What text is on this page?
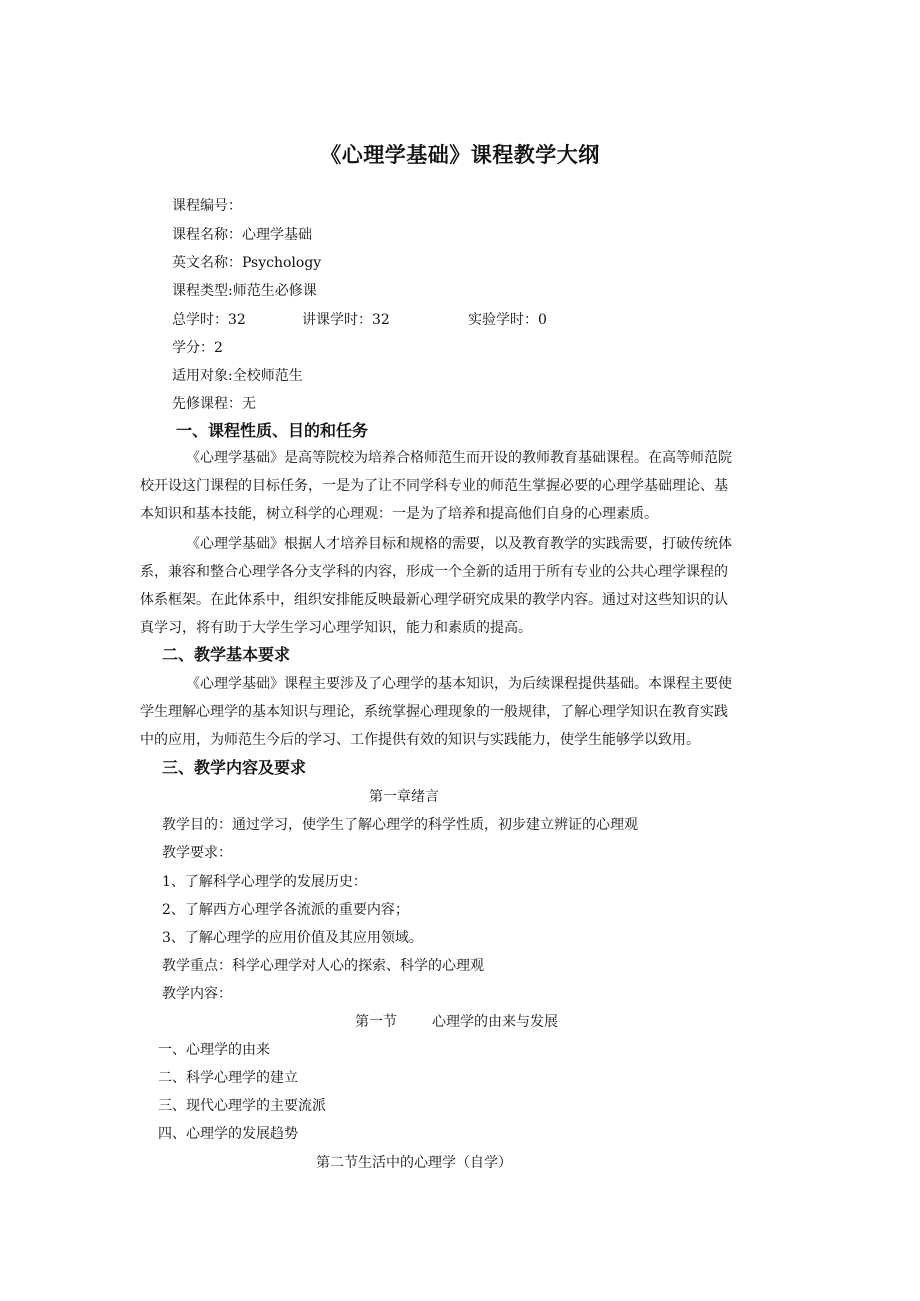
《心理学基础》课程教学大纲
课程编号：
课程名称：心理学基础
英文名称：Psychology
课程类型:师范生必修课
总学时：32	讲课学时：32	实验学时：0
学分：2
适用对象:全校师范生
先修课程：无
一、课程性质、目的和任务

《心理学基础》是高等院校为培养合格师范生而开设的教师教育基础课程。在高等师范院

校开设这门课程的目标任务，一是为了让不同学科专业的师范生掌握必要的心理学基础理论、基

本知识和基本技能，树立科学的心理观：一是为了培养和提高他们自身的心理素质。

《心理学基础》根据人才培养目标和规格的需要，以及教育教学的实践需要，打破传统体

系，兼容和整合心理学各分支学科的内容，形成一个全新的适用于所有专业的公共心理学课程的

体系框架。在此体系中，组织安排能反映最新心理学研究成果的教学内容。通过对这些知识的认

真学习，将有助于大学生学习心理学知识，能力和素质的提高。

二、教学基本要求

《心理学基础》课程主要涉及了心理学的基本知识，为后续课程提供基础。本课程主要使

学生理解心理学的基本知识与理论，系统掌握心理现象的一般规律，了解心理学知识在教育实践

中的应用，为师范生今后的学习、工作提供有效的知识与实践能力，使学生能够学以致用。

三、教学内容及要求
第一章绪言
教学目的：通过学习，使学生了解心理学的科学性质，初步建立辨证的心理观
教学要求：
1、了解科学心理学的发展历史：
2、了解西方心理学各流派的重要内容；
3、了解心理学的应用价值及其应用领域。
教学重点：科学心理学对人心的探索、科学的心理观
教学内容：
第一节	心理学的由来与发展
一、心理学的由来
二、科学心理学的建立
三、现代心理学的主要流派
四、心理学的发展趋势
第二节生活中的心理学（自学）
